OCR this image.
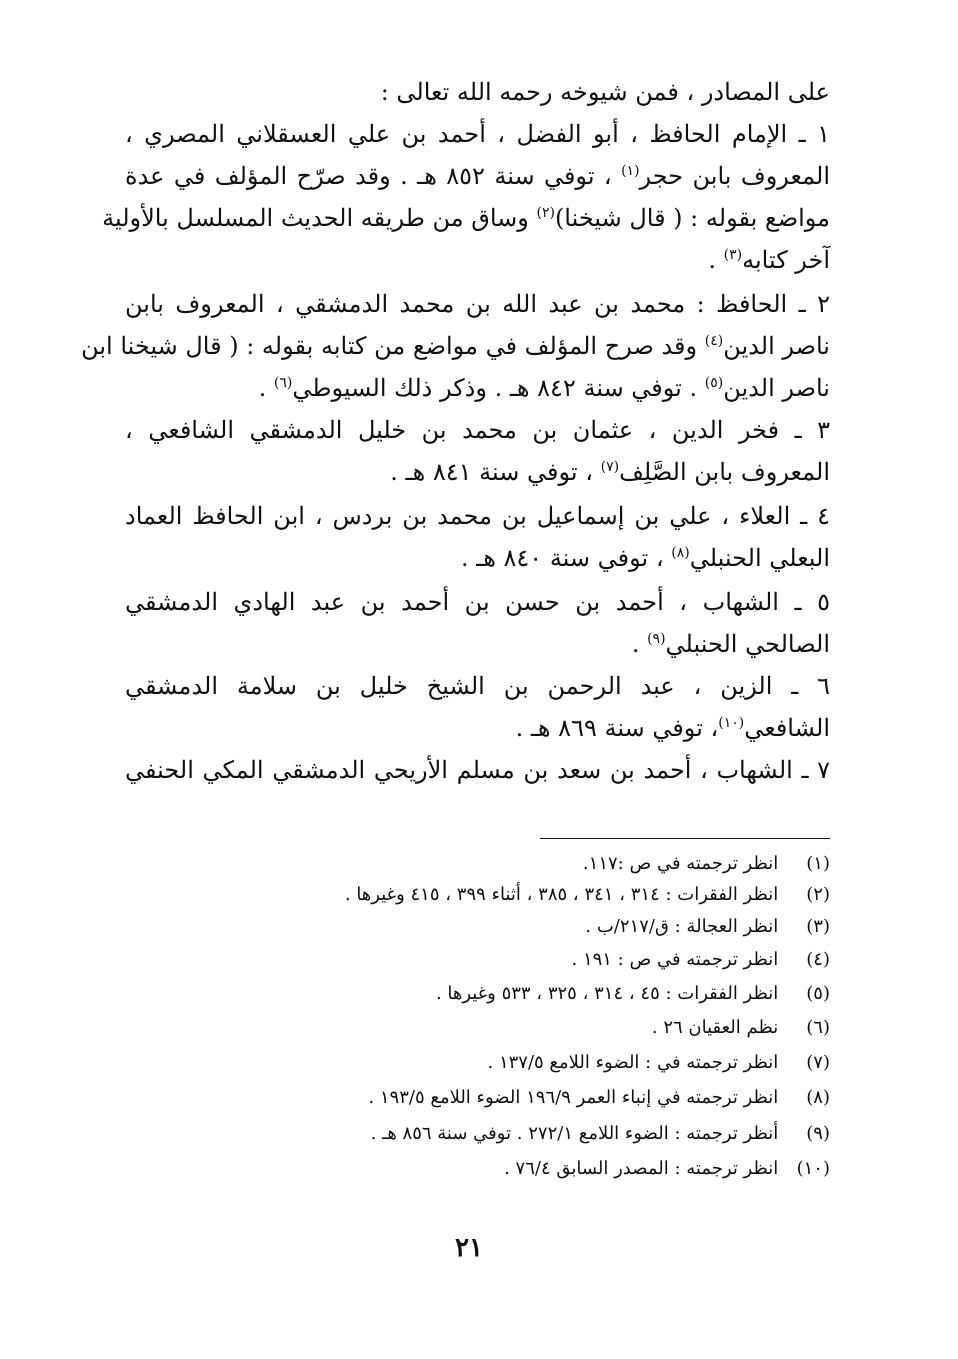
على المصادر ، فمن شيوخه رحمه الله تعالى :
١ ـ الإمام الحافظ ، أبو الفضل ، أحمد بن علي العسقلاني المصري ،
المعروف بابن حجر$^{(١)}$ ، توفي سنة ٨٥٢ هـ . وقد صرّح المؤلف في عدة
مواضع بقوله : ( قال شيخنا)$^{(٢)}$ وساق من طريقه الحديث المسلسل بالأولية
آخر كتابه$^{(٣)}$ .
٢ ـ الحافظ : محمد بن عبد الله بن محمد الدمشقي ، المعروف بابن
ناصر الدين$^{(٤)}$ وقد صرح المؤلف في مواضع من كتابه بقوله : ( قال شيخنا ابن
ناصر الدين$^{(٥)}$ . توفي سنة ٨٤٢ هـ . وذكر ذلك السيوطي$^{(٦)}$ .
٣ ـ فخر الدين ، عثمان بن محمد بن خليل الدمشقي الشافعي ،
المعروف بابن الصَّلِف$^{(٧)}$ ، توفي سنة ٨٤١ هـ .
٤ ـ العلاء ، علي بن إسماعيل بن محمد بن بردس ، ابن الحافظ العماد
البعلي الحنبلي$^{(٨)}$ ، توفي سنة ٨٤٠ هـ .
٥ ـ الشهاب ، أحمد بن حسن بن أحمد بن عبد الهادي الدمشقي
الصالحي الحنبلي$^{(٩)}$ .
٦ ـ الزين ، عبد الرحمن بن الشيخ خليل بن سلامة الدمشقي
الشافعي$^{(١٠)}$، توفي سنة ٨٦٩ هـ .
٧ ـ الشهاب ، أحمد بن سعد بن مسلم الأريحي الدمشقي المكي الحنفي
(١) انظر ترجمته في ص :١١٧.
(٢) انظر الفقرات : ٣١٤ ، ٣٤١ ، ٣٨٥ ، أثناء ٣٩٩ ، ٤١٥ وغيرها .
(٣) انظر العجالة : ق/٢١٧/ب .
(٤) انظر ترجمته في ص : ١٩١ .
(٥) انظر الفقرات : ٤٥ ، ٣١٤ ، ٣٢٥ ، ٥٣٣ وغيرها .
(٦) نظم العقيان ٢٦ .
(٧) انظر ترجمته في : الضوء اللامع ١٣٧/٥ .
(٨) انظر ترجمته في إنباء العمر ١٩٦/٩ الضوء اللامع ١٩٣/٥ .
(٩) أنظر ترجمته : الضوء اللامع ٢٧٢/١ . توفي سنة ٨٥٦ هـ .
(١٠) انظر ترجمته : المصدر السابق ٧٦/٤ .
٢١
